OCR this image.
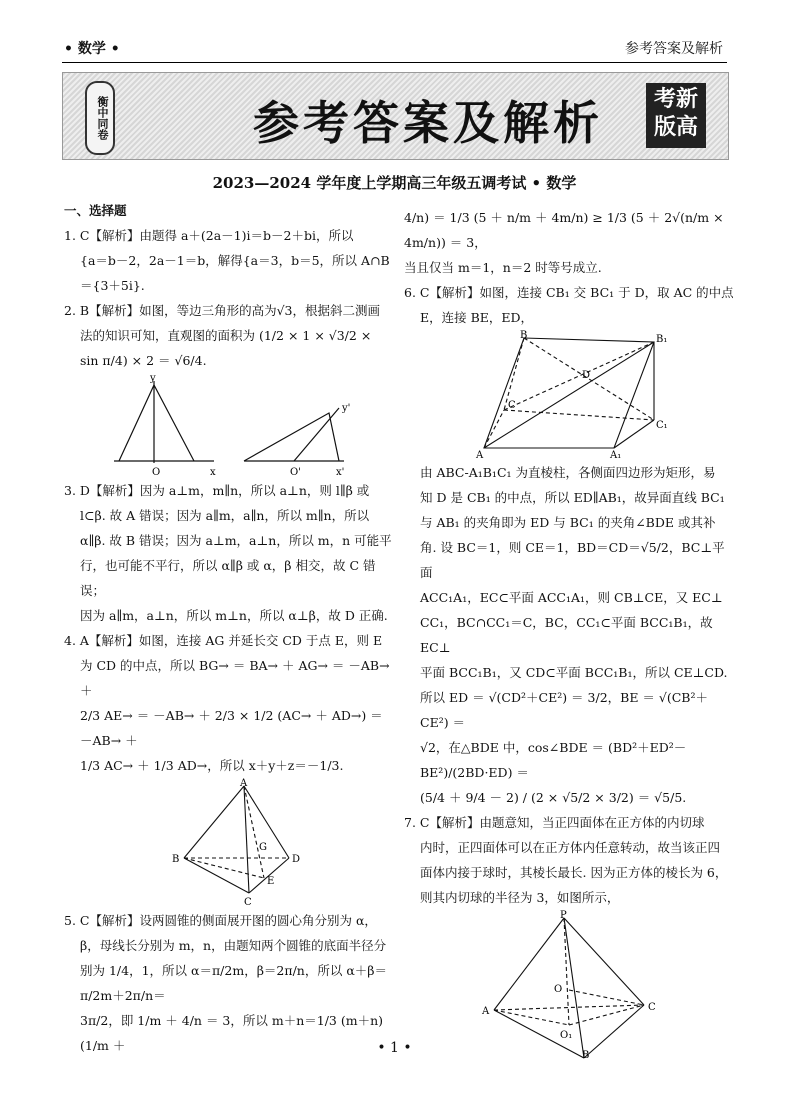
• 数学 •	参考答案及解析
衡中同卷	参考答案及解析	考新
版高
2023—2024 学年度上学期高三年级五调考试 • 数学

一、选择题

1. C【解析】由题得 a＋(2a－1)i＝b－2＋bi，所以

{a＝b－2，2a－1＝b，解得{a＝3，b＝5，所以 A∩B＝{3＋5i}.

2. B【解析】如图，等边三角形的高为√3，根据斜二测画

法的知识可知，直观图的面积为 (1/2 × 1 × √3/2 ×

sin π/4) × 2 ＝ √6/4.

y
O	x
y'
O'	x'

3. D【解析】因为 a⊥m，m∥n，所以 a⊥n，则 l∥β 或

l⊂β. 故 A 错误；因为 a∥m，a∥n，所以 m∥n，所以

α∥β. 故 B 错误；因为 a⊥m，a⊥n，所以 m，n 可能平

行，也可能不平行，所以 α∥β 或 α，β 相交，故 C 错误；

因为 a∥m，a⊥n，所以 m⊥n，所以 α⊥β，故 D 正确.

4. A【解析】如图，连接 AG 并延长交 CD 于点 E，则 E

为 CD 的中点，所以 BG→ ＝ BA→ ＋ AG→ ＝ －AB→ ＋

2/3 AE→ ＝ －AB→ ＋ 2/3 × 1/2 (AC→ ＋ AD→) ＝ －AB→ ＋

1/3 AC→ ＋ 1/3 AD→，所以 x＋y＋z＝－1/3.

A
B
C
D
G
E

5. C【解析】设两圆锥的侧面展开图的圆心角分别为 α，

β，母线长分别为 m，n，由题知两个圆锥的底面半径分

别为 1/4，1，所以 α＝π/2m，β＝2π/n，所以 α＋β＝π/2m＋2π/n＝

3π/2，即 1/m ＋ 4/n ＝ 3，所以 m＋n＝1/3 (m＋n)(1/m ＋

4/n) ＝ 1/3 (5 ＋ n/m ＋ 4m/n) ≥ 1/3 (5 ＋ 2√(n/m × 4m/n)) ＝ 3，

当且仅当 m＝1，n＝2 时等号成立.

6. C【解析】如图，连接 CB₁ 交 BC₁ 于 D，取 AC 的中点

E，连接 BE，ED，

B	B₁
D
C
C₁
A	A₁

由 ABC-A₁B₁C₁ 为直棱柱，各侧面四边形为矩形，易

知 D 是 CB₁ 的中点，所以 ED∥AB₁，故异面直线 BC₁

与 AB₁ 的夹角即为 ED 与 BC₁ 的夹角∠BDE 或其补

角. 设 BC＝1，则 CE＝1，BD＝CD＝√5/2，BC⊥平面

ACC₁A₁，EC⊂平面 ACC₁A₁，则 CB⊥CE，又 EC⊥

CC₁，BC∩CC₁＝C，BC，CC₁⊂平面 BCC₁B₁，故 EC⊥

平面 BCC₁B₁，又 CD⊂平面 BCC₁B₁，所以 CE⊥CD.

所以 ED ＝ √(CD²＋CE²) ＝ 3/2，BE ＝ √(CB²＋CE²) ＝

√2，在△BDE 中，cos∠BDE ＝ (BD²＋ED²－BE²)/(2BD·ED) ＝

(5/4 ＋ 9/4 － 2) / (2 × √5/2 × 3/2) ＝ √5/5.

7. C【解析】由题意知，当正四面体在正方体的内切球

内时，正四面体可以在正方体内任意转动，故当该正四

面体内接于球时，其棱长最长. 因为正方体的棱长为 6，

则其内切球的半径为 3，如图所示，

P
A	C
O
O₁
B
• 1 •
